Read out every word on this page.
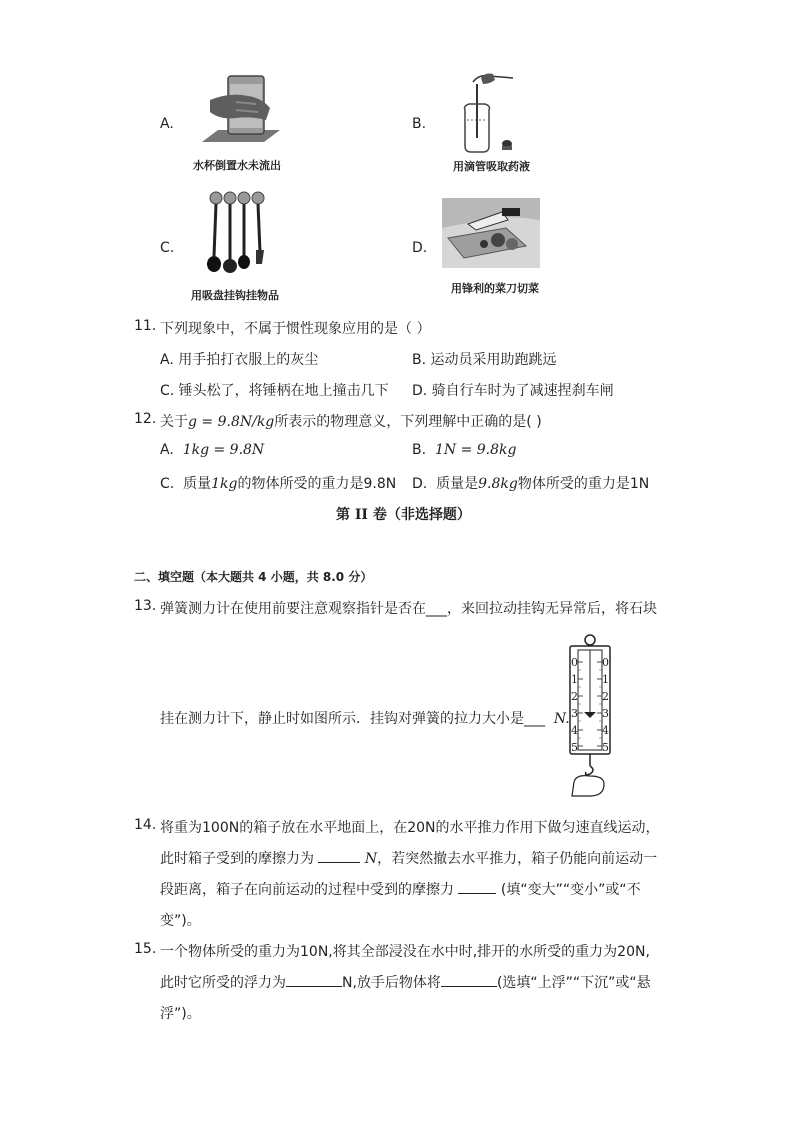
A.
水杯倒置水未流出
B.
用滴管吸取药液
C.
用吸盘挂钩挂物品
D.
用锋利的菜刀切菜
11. 下列现象中，不属于惯性现象应用的是（ ）
A. 用手拍打衣服上的灰尘	B. 运动员采用助跑跳远
C. 锤头松了，将锤柄在地上撞击几下 D. 骑自行车时为了减速捏刹车闸
12. 关于g = 9.8N/kg所表示的物理意义，下列理解中正确的是( )
A. 1kg = 9.8N	B. 1N = 9.8kg
C. 质量1kg的物体所受的重力是9.8N D. 质量是9.8kg物体所受的重力是1N
第 II 卷（非选择题）
二、填空题（本大题共 4 小题，共 8.0 分）
13. 弹簧测力计在使用前要注意观察指针是否在___，来回拉动挂钩无异常后，将石块
挂在测力计下，静止时如图所示．挂钩对弹簧的拉力大小是___ N.
0
1
2
3
4
5
0
1
2
3
4
5
14. 将重为100N的箱子放在水平地面上，在20N的水平推力作用下做匀速直线运动，
此时箱子受到的摩擦力为	N，若突然撤去水平推力，箱子仍能向前运动一
段距离，箱子在向前运动的过程中受到的摩擦力	(填“变大”“变小”或“不
变”)。
15. 一个物体所受的重力为10N,将其全部浸没在水中时,排开的水所受的重力为20N,
此时它所受的浮力为	N,放手后物体将	(选填“上浮”“下沉”或“悬
浮”)。
